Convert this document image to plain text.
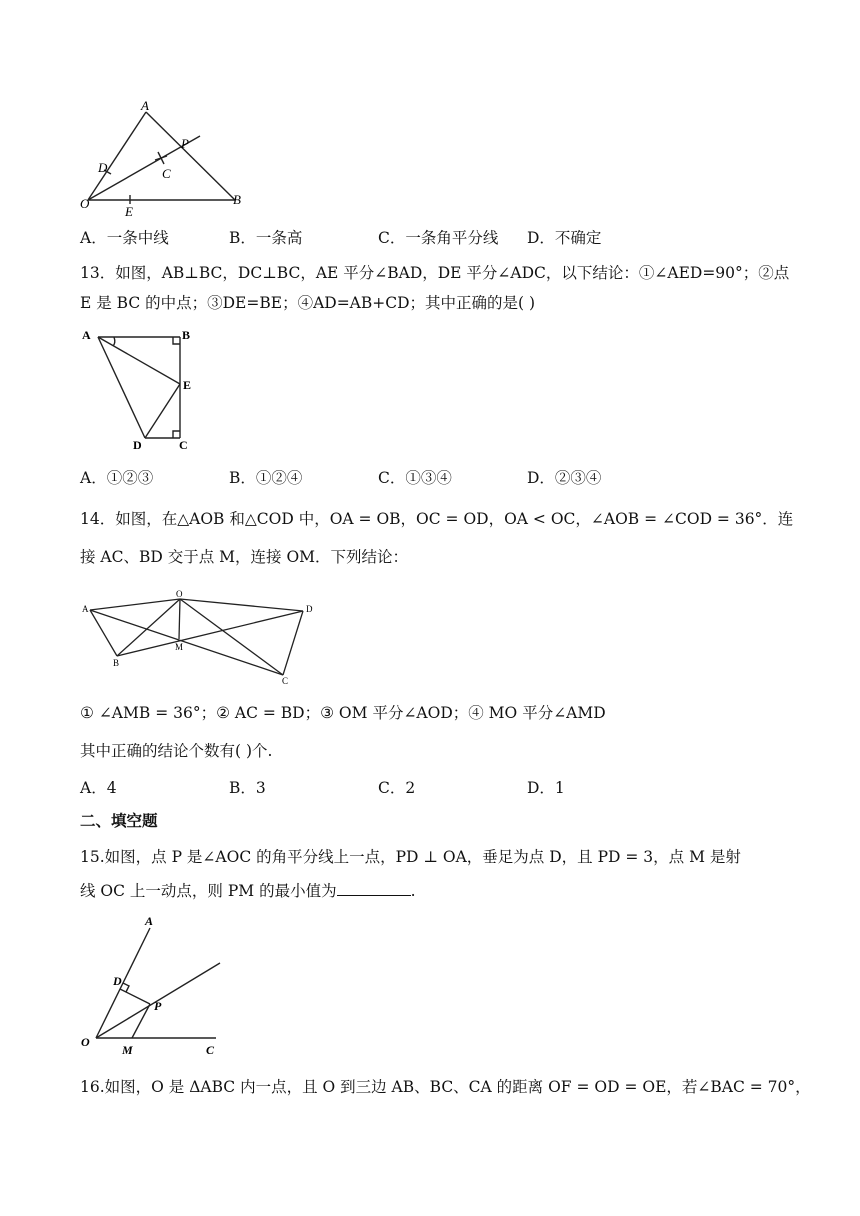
A
P
D	C
O
E
B
A．一条中线	B．一条高	C．一条角平分线 D．不确定
13．如图，AB⊥BC，DC⊥BC，AE 平分∠BAD，DE 平分∠ADC，以下结论：①∠AED=90°；②点
E 是 BC 的中点；③DE=BE；④AD=AB+CD；其中正确的是( )
A	B
E
D	C
A．①②③	B．①②④	C．①③④	D．②③④
14．如图，在△AOB 和△COD 中，OA = OB，OC = OD，OA < OC，∠AOB = ∠COD = 36°．连
接 AC、BD 交于点 M，连接 OM．下列结论：
A
O
D
B
M
C
① ∠AMB = 36°；② AC = BD；③ OM 平分∠AOD；④ MO 平分∠AMD
其中正确的结论个数有( )个.
A．4	B．3	C．2	D．1
二、填空题
15.如图，点 P 是∠AOC 的角平分线上一点，PD ⊥ OA，垂足为点 D，且 PD = 3，点 M 是射
线 OC 上一动点，则 PM 的最小值为	.
A
D
P
O
M	C
16.如图，O 是 ΔABC 内一点，且 O 到三边 AB、BC、CA 的距离 OF = OD = OE，若∠BAC = 70°，
